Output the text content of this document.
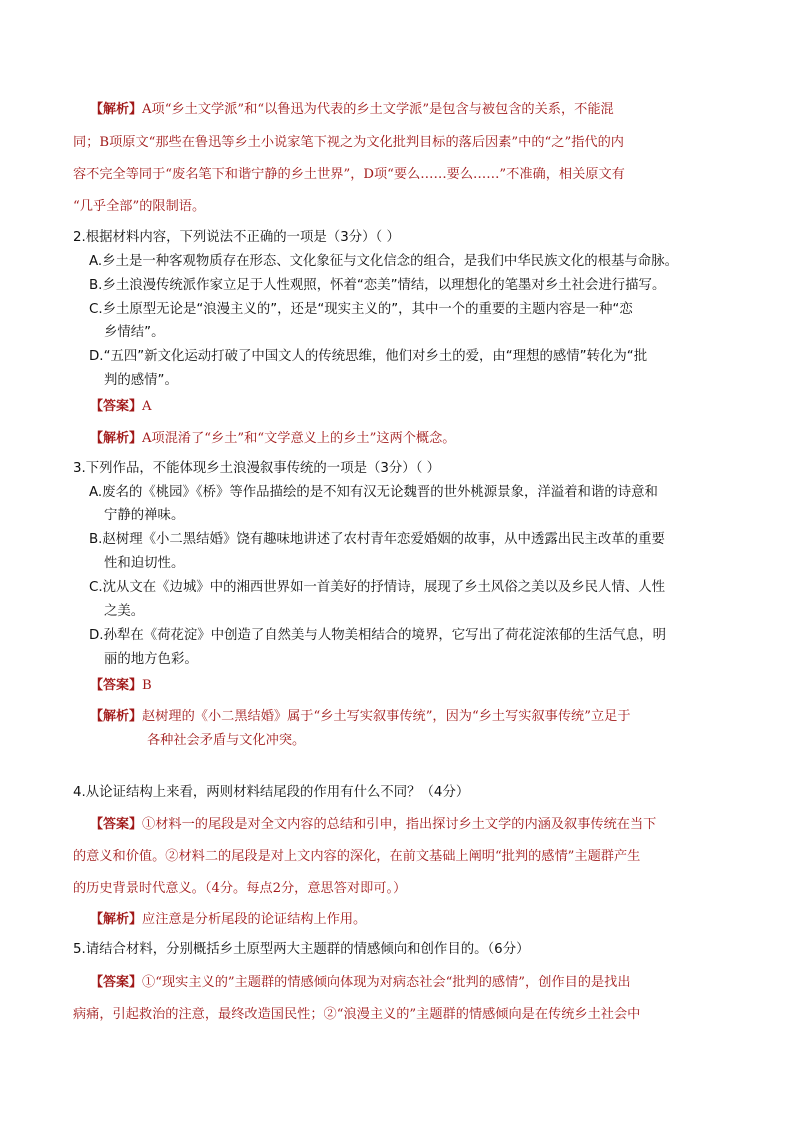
【解析】A项“乡土文学派”和“以鲁迅为代表的乡土文学派”是包含与被包含的关系，不能混
同；B项原文“那些在鲁迅等乡土小说家笔下视之为文化批判目标的落后因素”中的“之”指代的内
容不完全等同于“废名笔下和谐宁静的乡土世界”，D项“要么……要么……”不准确，相关原文有
“几乎全部”的限制语。
2.根据材料内容，下列说法不正确的一项是（3分）（ ）
A.乡土是一种客观物质存在形态、文化象征与文化信念的组合，是我们中华民族文化的根基与命脉。
B.乡土浪漫传统派作家立足于人性观照，怀着“恋美”情结，以理想化的笔墨对乡土社会进行描写。
C.乡土原型无论是“浪漫主义的”，还是“现实主义的”，其中一个的重要的主题内容是一种“恋
乡情结”。
D.“五四”新文化运动打破了中国文人的传统思维，他们对乡土的爱，由“理想的感情”转化为“批
判的感情”。
【答案】A
【解析】A项混淆了“乡土”和“文学意义上的乡土”这两个概念。
3.下列作品，不能体现乡土浪漫叙事传统的一项是（3分）（ ）
A.废名的《桃园》《桥》等作品描绘的是不知有汉无论魏晋的世外桃源景象，洋溢着和谐的诗意和
宁静的禅味。
B.赵树理《小二黑结婚》饶有趣味地讲述了农村青年恋爱婚姻的故事，从中透露出民主改革的重要
性和迫切性。
C.沈从文在《边城》中的湘西世界如一首美好的抒情诗，展现了乡土风俗之美以及乡民人情、人性
之美。
D.孙犁在《荷花淀》中创造了自然美与人物美相结合的境界，它写出了荷花淀浓郁的生活气息，明
丽的地方色彩。
【答案】B
【解析】赵树理的《小二黑结婚》属于“乡土写实叙事传统”，因为“乡土写实叙事传统”立足于
各种社会矛盾与文化冲突。
4.从论证结构上来看，两则材料结尾段的作用有什么不同？（4分）
【答案】①材料一的尾段是对全文内容的总结和引申，指出探讨乡土文学的内涵及叙事传统在当下
的意义和价值。②材料二的尾段是对上文内容的深化，在前文基础上阐明“批判的感情”主题群产生
的历史背景时代意义。（4分。每点2分，意思答对即可。）
【解析】应注意是分析尾段的论证结构上作用。
5.请结合材料，分别概括乡土原型两大主题群的情感倾向和创作目的。（6分）
【答案】①“现实主义的”主题群的情感倾向体现为对病态社会“批判的感情”，创作目的是找出
病痛，引起救治的注意，最终改造国民性；②“浪漫主义的”主题群的情感倾向是在传统乡土社会中
